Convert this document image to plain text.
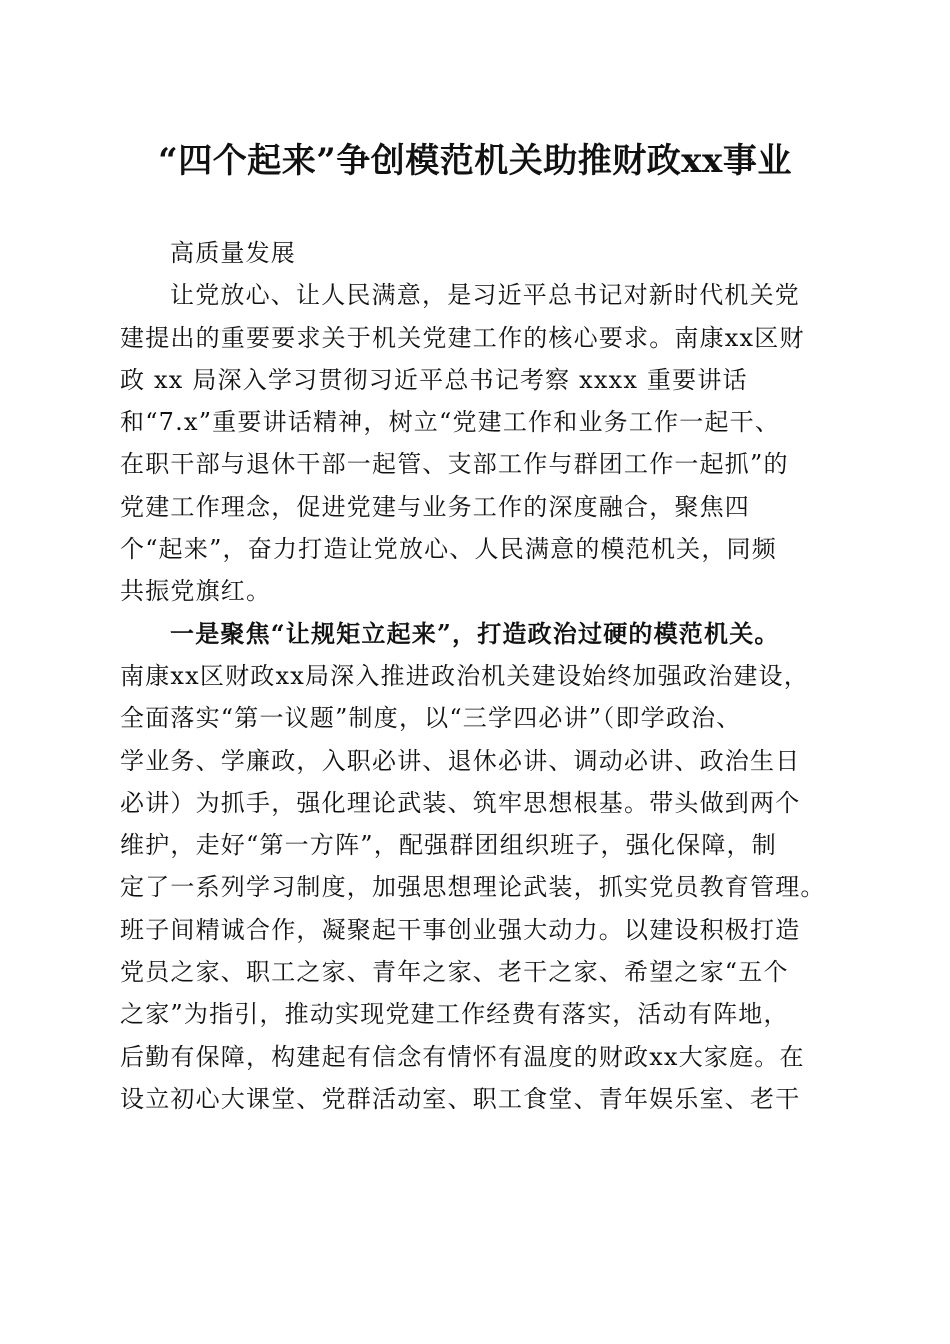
“四个起来”争创模范机关助推财政xx事业
高质量发展
让党放心、让人民满意，是习近平总书记对新时代机关党
建提出的重要要求关于机关党建工作的核心要求。南康xx区财
政 xx 局深入学习贯彻习近平总书记考察 xxxx 重要讲话
和“7.x”重要讲话精神，树立“党建工作和业务工作一起干、
在职干部与退休干部一起管、支部工作与群团工作一起抓”的
党建工作理念，促进党建与业务工作的深度融合，聚焦四
个“起来”，奋力打造让党放心、人民满意的模范机关，同频
共振党旗红。
一是聚焦“让规矩立起来”，打造政治过硬的模范机关。
南康xx区财政xx局深入推进政治机关建设始终加强政治建设，
全面落实“第一议题”制度，以“三学四必讲”（即学政治、
学业务、学廉政，入职必讲、退休必讲、调动必讲、政治生日
必讲）为抓手，强化理论武装、筑牢思想根基。带头做到两个
维护，走好“第一方阵”，配强群团组织班子，强化保障，制
定了一系列学习制度，加强思想理论武装，抓实党员教育管理。
班子间精诚合作，凝聚起干事创业强大动力。以建设积极打造
党员之家、职工之家、青年之家、老干之家、希望之家“五个
之家”为指引，推动实现党建工作经费有落实，活动有阵地，
后勤有保障，构建起有信念有情怀有温度的财政xx大家庭。在
设立初心大课堂、党群活动室、职工食堂、青年娱乐室、老干
